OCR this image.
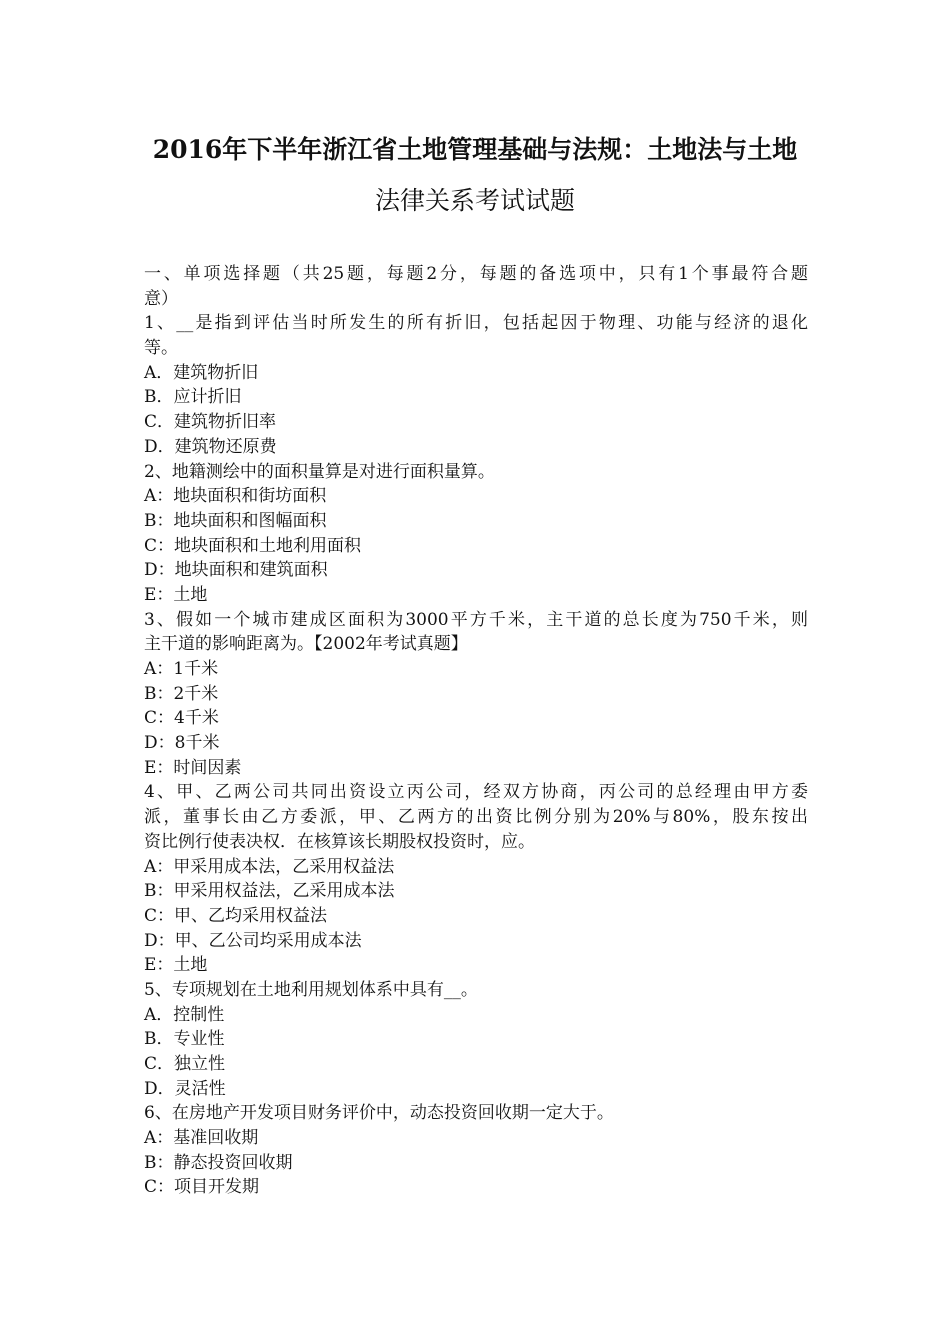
2016年下半年浙江省土地管理基础与法规：土地法与土地
法律关系考试试题
一、单项选择题（共25题，每题2分，每题的备选项中，只有1个事最符合题
意）
1、__是指到评估当时所发生的所有折旧，包括起因于物理、功能与经济的退化
等。
A．建筑物折旧
B．应计折旧
C．建筑物折旧率
D．建筑物还原费
2、地籍测绘中的面积量算是对进行面积量算。
A：地块面积和街坊面积
B：地块面积和图幅面积
C：地块面积和土地利用面积
D：地块面积和建筑面积
E：土地
3、假如一个城市建成区面积为3000平方千米，主干道的总长度为750千米，则
主干道的影响距离为。【2002年考试真题】
A：1千米
B：2千米
C：4千米
D：8千米
E：时间因素
4、甲、乙两公司共同出资设立丙公司，经双方协商，丙公司的总经理由甲方委
派，董事长由乙方委派，甲、乙两方的出资比例分别为20%与80%，股东按出
资比例行使表决权．在核算该长期股权投资时，应。
A：甲采用成本法，乙采用权益法
B：甲采用权益法，乙采用成本法
C：甲、乙均采用权益法
D：甲、乙公司均采用成本法
E：土地
5、专项规划在土地利用规划体系中具有__。
A．控制性
B．专业性
C．独立性
D．灵活性
6、在房地产开发项目财务评价中，动态投资回收期一定大于。
A：基准回收期
B：静态投资回收期
C：项目开发期
